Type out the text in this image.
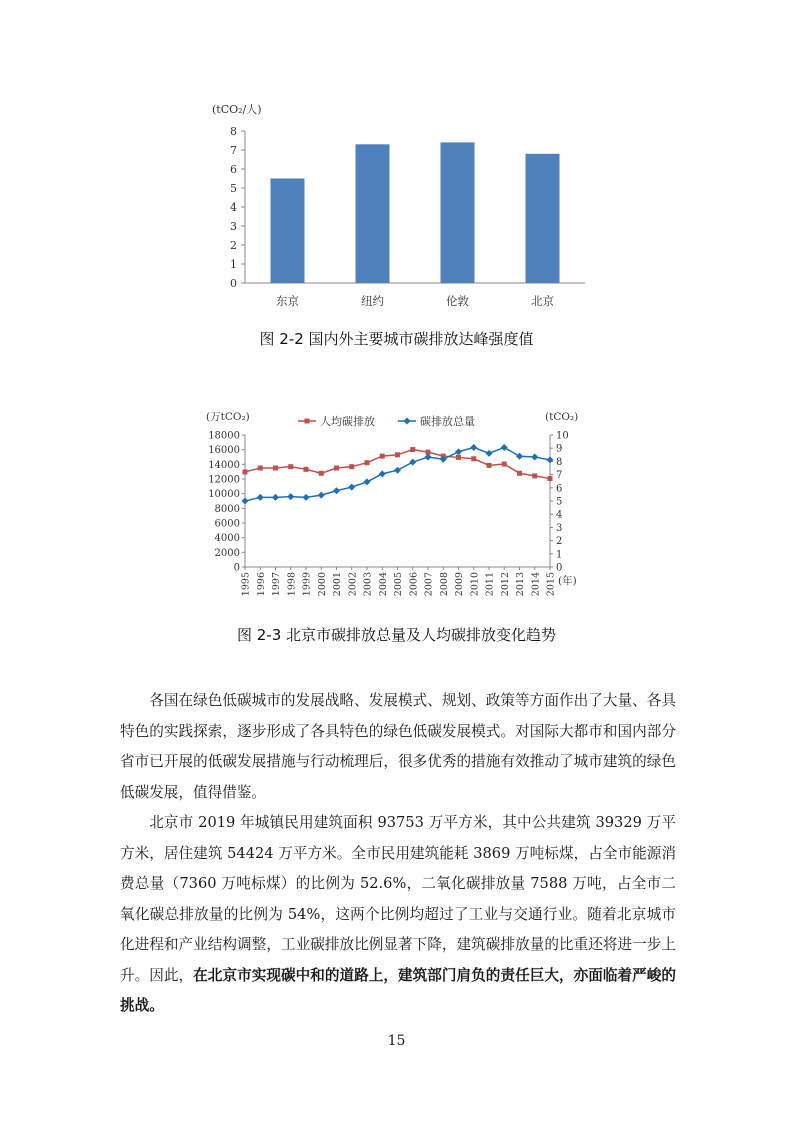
(tCO₂/人)
0
1
2
3
4
5
6
7
8
东京	纽约	伦敦	北京
图 2-2 国内外主要城市碳排放达峰强度值
(万tCO₂)	(tCO₂)
0
2000
4000
6000
8000
10000
12000
14000
16000
18000
0
1
2
3
4
5
6
7
8
9
10
1995 1996 1997 1998 1999 2000 2001 2002 2003 2004 2005 2006 2007 2008 2009 2010 2011 2012 2013 2014 2015 (年)
人均碳排放	碳排放总量
图 2-3 北京市碳排放总量及人均碳排放变化趋势

各国在绿色低碳城市的发展战略、发展模式、规划、政策等方面作出了大量、各具特色的实践探索，逐步形成了各具特色的绿色低碳发展模式。对国际大都市和国内部分省市已开展的低碳发展措施与行动梳理后，很多优秀的措施有效推动了城市建筑的绿色低碳发展，值得借鉴。

北京市 2019 年城镇民用建筑面积 93753 万平方米，其中公共建筑 39329 万平方米，居住建筑 54424 万平方米。全市民用建筑能耗 3869 万吨标煤，占全市能源消费总量（7360 万吨标煤）的比例为 52.6%，二氧化碳排放量 7588 万吨，占全市二氧化碳总排放量的比例为 54%，这两个比例均超过了工业与交通行业。随着北京城市化进程和产业结构调整，工业碳排放比例显著下降，建筑碳排放量的比重还将进一步上升。因此，在北京市实现碳中和的道路上，建筑部门肩负的责任巨大，亦面临着严峻的挑战。

15
